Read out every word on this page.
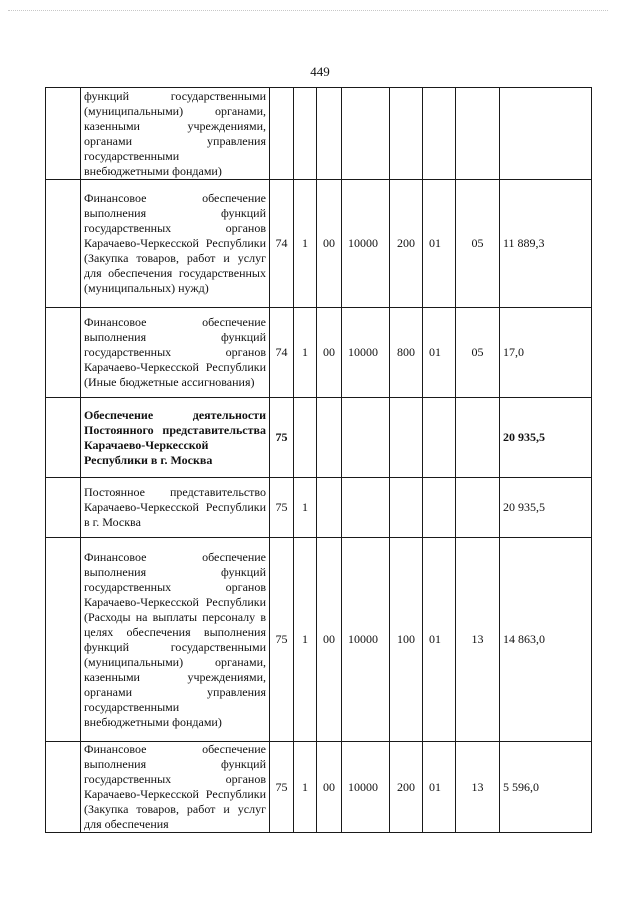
449
	функций государственными (муниципальными) органами, казенными учреждениями, органами управления государственными внебюджетными фондами)								
	Финансовое обеспечение выполнения функций государственных органов Карачаево-Черкесской Республики (Закупка товаров, работ и услуг для обеспечения государственных (муниципальных) нужд)	74	1	00	10000	200	01	05	11 889,3
	Финансовое обеспечение выполнения функций государственных органов Карачаево-Черкесской Республики (Иные бюджетные ассигнования)	74	1	00	10000	800	01	05	17,0
	Обеспечение деятельности Постоянного представительства Карачаево-Черкесской Республики в г. Москва	75							20 935,5
	Постоянное представительство Карачаево-Черкесской Республики в г. Москва	75	1						20 935,5
	Финансовое обеспечение выполнения функций государственных органов Карачаево-Черкесской Республики (Расходы на выплаты персоналу в целях обеспечения выполнения функций государственными (муниципальными) органами, казенными учреждениями, органами управления государственными внебюджетными фондами)	75	1	00	10000	100	01	13	14 863,0
	Финансовое обеспечение выполнения функций государственных органов Карачаево-Черкесской Республики (Закупка товаров, работ и услуг для обеспечения	75	1	00	10000	200	01	13	5 596,0
